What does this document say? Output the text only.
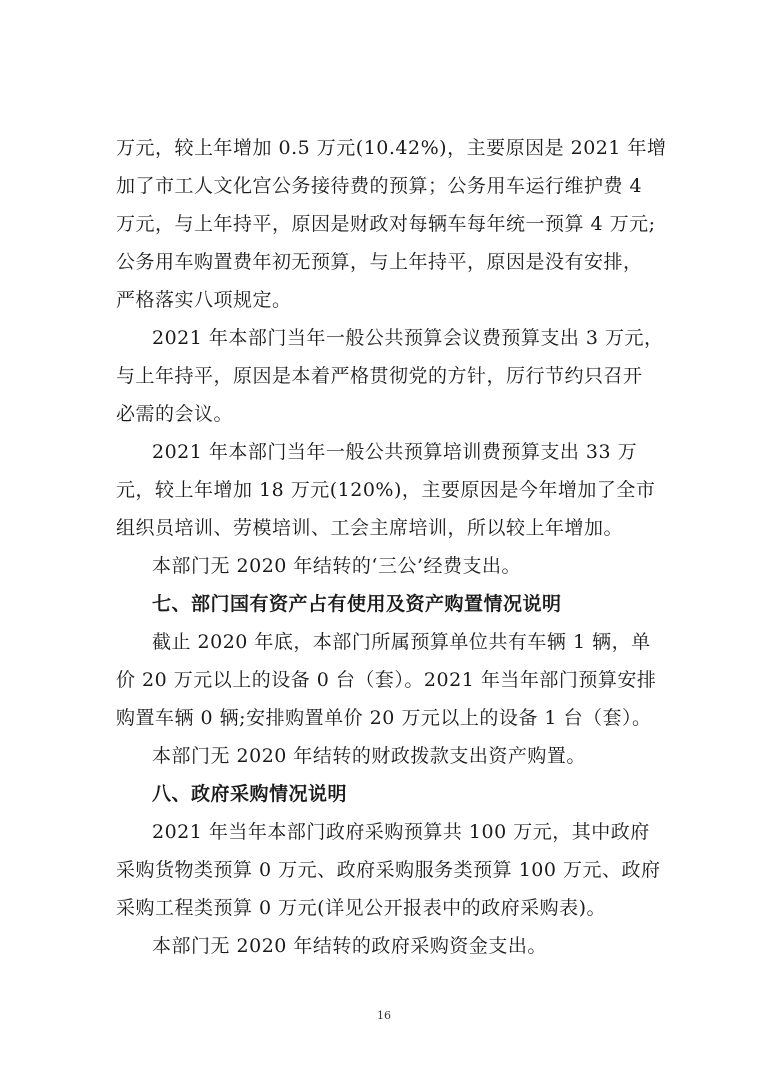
万元，较上年增加 0.5 万元(10.42%)，主要原因是 2021 年增
加了市工人文化宫公务接待费的预算；公务用车运行维护费 4
万元，与上年持平，原因是财政对每辆车每年统一预算 4 万元;
公务用车购置费年初无预算，与上年持平，原因是没有安排，
严格落实八项规定。
2021 年本部门当年一般公共预算会议费预算支出 3 万元，
与上年持平，原因是本着严格贯彻党的方针，厉行节约只召开
必需的会议。
2021 年本部门当年一般公共预算培训费预算支出 33 万
元，较上年增加 18 万元(120%)，主要原因是今年增加了全市
组织员培训、劳模培训、工会主席培训，所以较上年增加。
本部门无 2020 年结转的‘三公’经费支出。
七、部门国有资产占有使用及资产购置情况说明
截止 2020 年底，本部门所属预算单位共有车辆 1 辆，单
价 20 万元以上的设备 0 台（套）。2021 年当年部门预算安排
购置车辆 0 辆;安排购置单价 20 万元以上的设备 1 台（套）。
本部门无 2020 年结转的财政拨款支出资产购置。
八、政府采购情况说明
2021 年当年本部门政府采购预算共 100 万元，其中政府
采购货物类预算 0 万元、政府采购服务类预算 100 万元、政府
采购工程类预算 0 万元(详见公开报表中的政府采购表)。
本部门无 2020 年结转的政府采购资金支出。
16
